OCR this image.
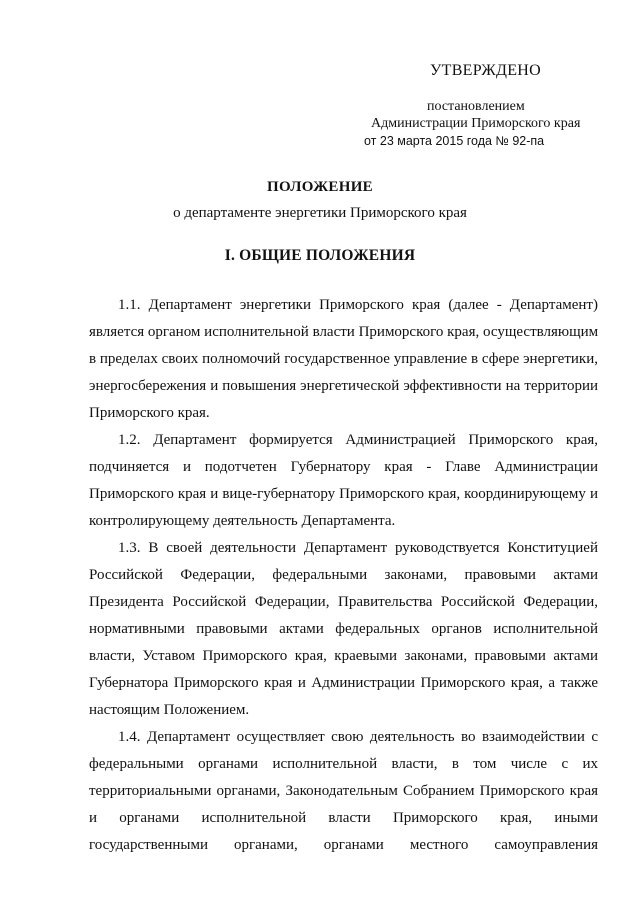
УТВЕРЖДЕНО
постановлением
Администрации Приморского края
от 23 марта 2015 года № 92-па
ПОЛОЖЕНИЕ
о департаменте энергетики Приморского края
I. ОБЩИЕ ПОЛОЖЕНИЯ
1.1. Департамент энергетики Приморского края (далее - Департамент)
является органом исполнительной власти Приморского края, осуществляющим
в пределах своих полномочий государственное управление в сфере энергетики,
энергосбережения и повышения энергетической эффективности на территории
Приморского края.
1.2. Департамент формируется Администрацией Приморского края,
подчиняется и подотчетен Губернатору края - Главе Администрации
Приморского края и вице-губернатору Приморского края, координирующему и
контролирующему деятельность Департамента.
1.3. В своей деятельности Департамент руководствуется Конституцией
Российской Федерации, федеральными законами, правовыми актами
Президента Российской Федерации, Правительства Российской Федерации,
нормативными правовыми актами федеральных органов исполнительной
власти, Уставом Приморского края, краевыми законами, правовыми актами
Губернатора Приморского края и Администрации Приморского края, а также
настоящим Положением.
1.4. Департамент осуществляет свою деятельность во взаимодействии с
федеральными органами исполнительной власти, в том числе с их
территориальными органами, Законодательным Собранием Приморского края
и органами исполнительной власти Приморского края, иными
государственными органами, органами местного самоуправления
